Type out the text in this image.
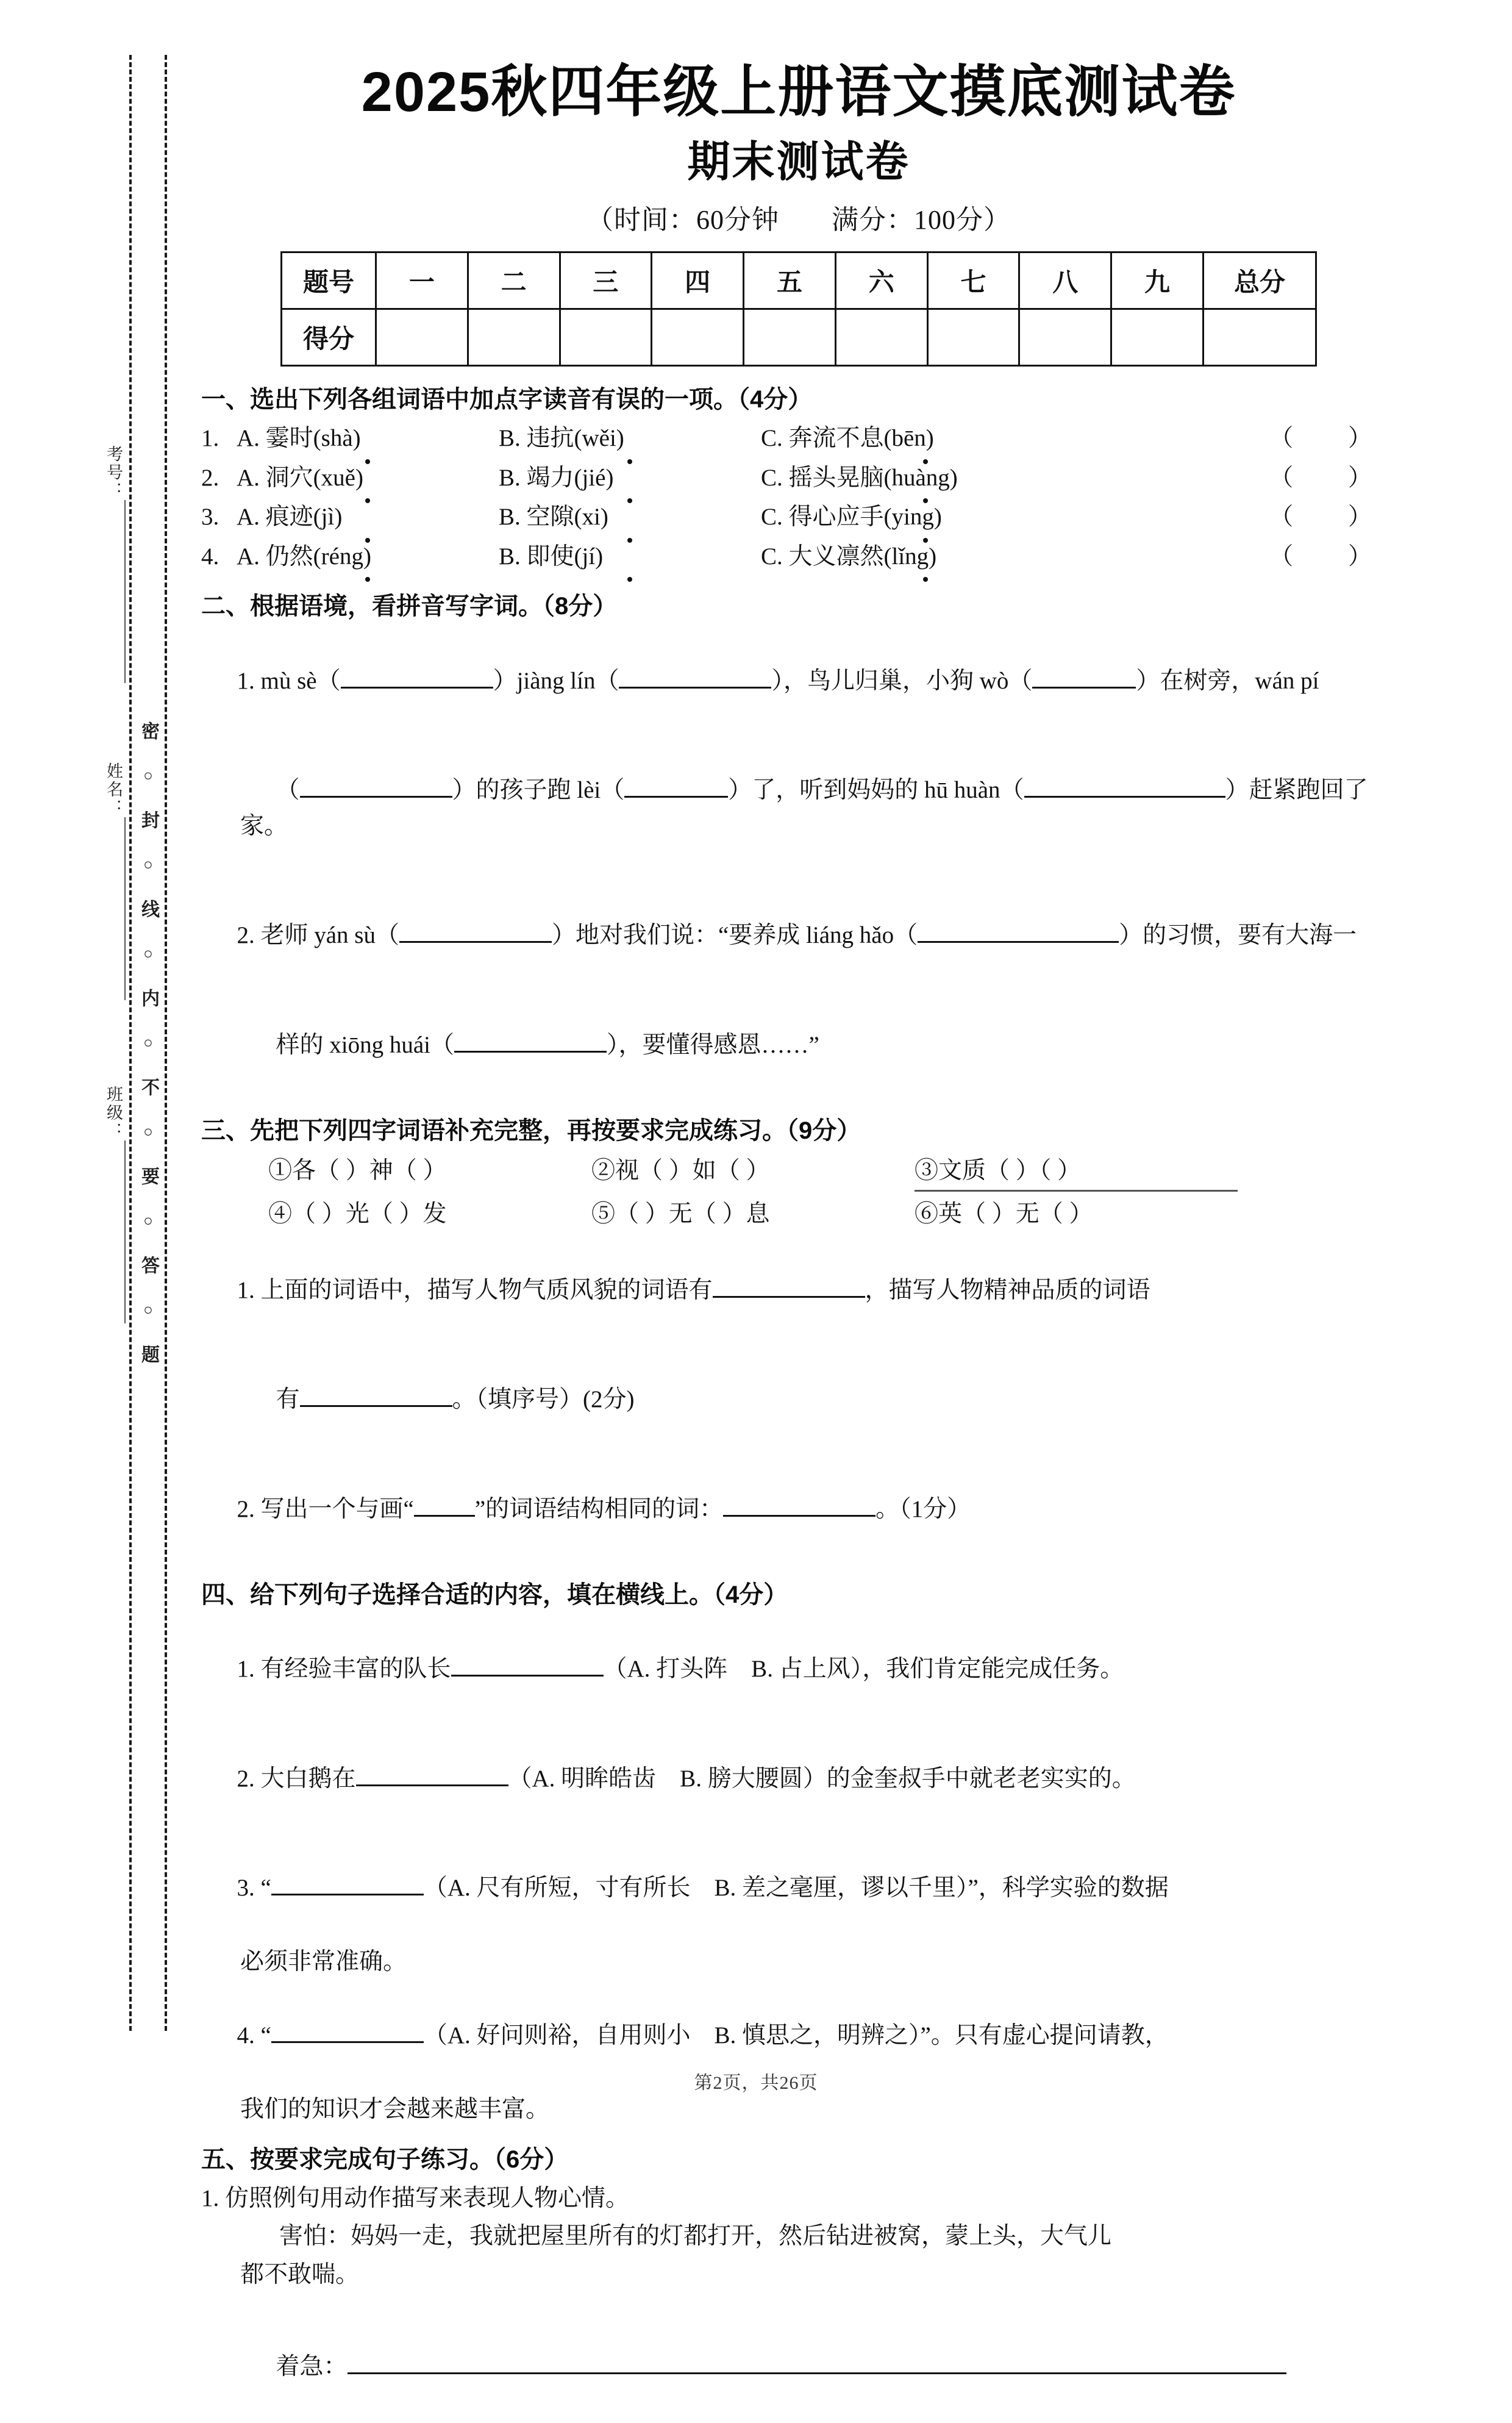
密
○
封
○
线
○
内
○
不
○
要
○
答
○
题
考号：
姓名：
班级：
2025秋四年级上册语文摸底测试卷
期末测试卷
（时间：60分钟 满分：100分）
题号	一	二	三	四	五	六	七	八	九	总分
得分										
一、选出下列各组词语中加点字读音有误的一项。（4分）
1. A. 霎时(shà)	B. 违抗(wěi)	C. 奔流不息(bēn)	（ ）
2. A. 洞穴(xuě)	B. 竭力(jié)	C. 摇头晃脑(huàng)	（ ）
3. A. 痕迹(jì)	B. 空隙(xi)	C. 得心应手(ying)	（ ）
4. A. 仍然(réng)	B. 即使(jí)	C. 大义凛然(lǐng)	（ ）
二、根据语境，看拼音写字词。（8分）

1. mù sè（	）jiàng lín（	），鸟儿归巢，小狗 wò（	）在树旁，wán pí

（	）的孩子跑 lèi（	）了，听到妈妈的 hū huàn（	）赶紧跑回了家。

2. 老师 yán sù（	）地对我们说：“要养成 liáng hǎo（	）的习惯，要有大海一

样的 xiōng huái（	），要懂得感恩……”

三、先把下列四字词语补充完整，再按要求完成练习。（9分）
①各（ ）神（ ）	②视（ ）如（ ）	③文质（ ）（ ）
④（ ）光（ ）发	⑤（ ）无（ ）息	⑥英（ ）无（ ）

1. 上面的词语中，描写人物气质风貌的词语有	，描写人物精神品质的词语

有	。（填序号）(2分)

2. 写出一个与画“	”的词语结构相同的词：	。（1分）

四、给下列句子选择合适的内容，填在横线上。（4分）

1. 有经验丰富的队长	（A. 打头阵　B. 占上风），我们肯定能完成任务。

2. 大白鹅在	（A. 明眸皓齿　B. 膀大腰圆）的金奎叔手中就老老实实的。

3. “	（A. 尺有所短，寸有所长　B. 差之毫厘，谬以千里）”，科学实验的数据

必须非常准确。

4. “	（A. 好问则裕，自用则小　B. 慎思之，明辨之）”。只有虚心提问请教，

我们的知识才会越来越丰富。
五、按要求完成句子练习。（6分）
1. 仿照例句用动作描写来表现人物心情。
害怕：妈妈一走，我就把屋里所有的灯都打开，然后钻进被窝，蒙上头，大气儿
都不敢喘。

着急：

第2页，共26页
